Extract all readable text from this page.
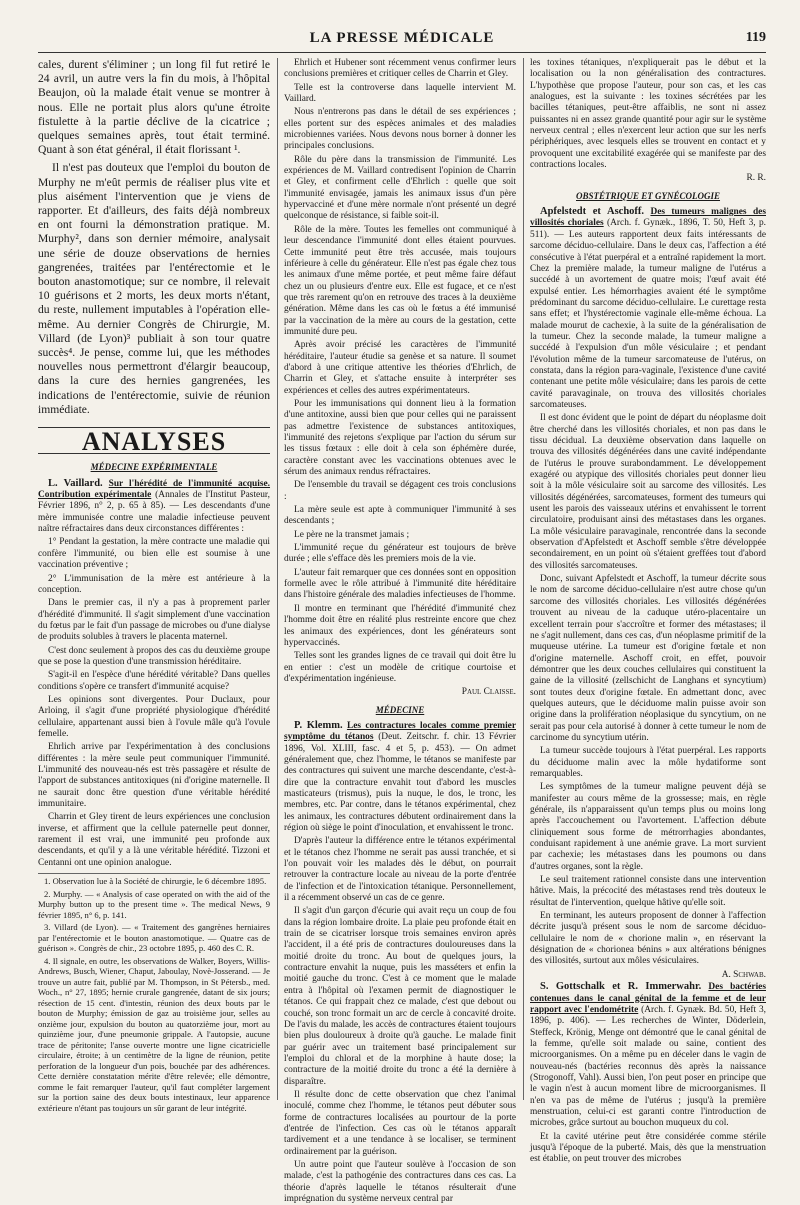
LA PRESSE MÉDICALE	119

cales, durent s'éliminer ; un long fil fut retiré le 24 avril, un autre vers la fin du mois, à l'hôpital Beaujon, où la malade était venue se montrer à nous. Elle ne portait plus alors qu'une étroite fistulette à la partie déclive de la cicatrice ; quelques semaines après, tout était terminé. Quant à son état général, il était florissant ¹.

Il n'est pas douteux que l'emploi du bouton de Murphy ne m'eût permis de réaliser plus vite et plus aisément l'intervention que je viens de rapporter. Et d'ailleurs, des faits déjà nombreux en ont fourni la démonstration pratique. M. Murphy², dans son dernier mémoire, analysait une série de douze observations de hernies gangrenées, traitées par l'entérectomie et le bouton anastomotique; sur ce nombre, il relevait 10 guérisons et 2 morts, les deux morts n'étant, du reste, nullement imputables à l'opération elle-même. Au dernier Congrès de Chirurgie, M. Villard (de Lyon)³ publiait à son tour quatre succès⁴. Je pense, comme lui, que les méthodes nouvelles nous permettront d'élargir beaucoup, dans la cure des hernies gangrenées, les indications de l'entérectomie, suivie de réunion immédiate.

ANALYSES
MÉDECINE EXPÉRIMENTALE

L. Vaillard. Sur l'hérédité de l'immunité acquise. Contribution expérimentale (Annales de l'Institut Pasteur, Février 1896, n° 2, p. 65 à 85). — Les descendants d'une mère immunisée contre une maladie infectieuse peuvent naître réfractaires dans deux circonstances différentes :

1° Pendant la gestation, la mère contracte une maladie qui confère l'immunité, ou bien elle est soumise à une vaccination préventive ;

2° L'immunisation de la mère est antérieure à la conception.

Dans le premier cas, il n'y a pas à proprement parler d'hérédité d'immunité. Il s'agit simplement d'une vaccination du fœtus par le fait d'un passage de microbes ou d'une dialyse de produits solubles à travers le placenta maternel.

C'est donc seulement à propos des cas du deuxième groupe que se pose la question d'une transmission héréditaire.

S'agit-il en l'espèce d'une hérédité véritable? Dans quelles conditions s'opère ce transfert d'immunité acquise?

Les opinions sont divergentes. Pour Duclaux, pour Arloing, il s'agit d'une propriété physiologique d'hérédité cellulaire, appartenant aussi bien à l'ovule mâle qu'à l'ovule femelle.

Ehrlich arrive par l'expérimentation à des conclusions différentes : la mère seule peut communiquer l'immunité. L'immunité des nouveau-nés est très passagère et résulte de l'apport de substances antitoxiques (ni d'origine maternelle. Il ne saurait donc être question d'une véritable hérédité immunitaire.

Charrin et Gley tirent de leurs expériences une conclusion inverse, et affirment que la cellule paternelle peut donner, rarement il est vrai, une immunité peu profonde aux descendants, et qu'il y a là une véritable hérédité. Tizzoni et Centanni ont une opinion analogue.

1. Observation lue à la Société de chirurgie, le 6 décembre 1895.

2. Murphy. — « Analysis of case operated on with the aid of the Murphy button up to the present time ». The medical News, 9 février 1895, n° 6, p. 141.

3. Villard (de Lyon). — « Traitement des gangrènes herniaires par l'entérectomie et le bouton anastomotique. — Quatre cas de guérison ». Congrès de chir., 23 octobre 1895, p. 460 des C. R.

4. Il signale, en outre, les observations de Walker, Boyers, Willis-Andrews, Busch, Wiener, Chaput, Jaboulay, Novè-Josserand. — Je trouve un autre fait, publié par M. Thompson, in St Pétersb., med. Woch., n° 27, 1895; hernie crurale gangrenée, datant de six jours; résection de 15 cent. d'intestin, réunion des deux bouts par le bouton de Murphy; émission de gaz au troisième jour, selles au onzième jour, expulsion du bouton au quatorzième jour, mort au quinzième jour, d'une pneumonie grippale. A l'autopsie, aucune trace de péritonite; l'anse ouverte montre une ligne cicatricielle circulaire, étroite; à un centimètre de la ligne de réunion, petite perforation de la longueur d'un pois, bouchée par des adhérences. Cette dernière constatation mérite d'être relevée; elle démontre, comme le fait remarquer l'auteur, qu'il faut compléter largement sur la portion saine des deux bouts intestinaux, leur apparence extérieure n'étant pas toujours un sûr garant de leur intégrité.

Ehrlich et Hubener sont récemment venus confirmer leurs conclusions premières et critiquer celles de Charrin et Gley.

Telle est la controverse dans laquelle intervient M. Vaillard.

Nous n'entrerons pas dans le détail de ses expériences ; elles portent sur des espèces animales et des maladies microbiennes variées. Nous devons nous borner à donner les principales conclusions.

Rôle du père dans la transmission de l'immunité. Les expériences de M. Vaillard contredisent l'opinion de Charrin et Gley, et confirment celle d'Ehrlich : quelle que soit l'immunité envisagée, jamais les animaux issus d'un père hypervacciné et d'une mère normale n'ont présenté un degré quelconque de résistance, si faible soit-il.

Rôle de la mère. Toutes les femelles ont communiqué à leur descendance l'immunité dont elles étaient pourvues. Cette immunité peut être très accusée, mais toujours inférieure à celle du générateur. Elle n'est pas égale chez tous les animaux d'une même portée, et peut même faire défaut chez un ou plusieurs d'entre eux. Elle est fugace, et ce n'est que très rarement qu'on en retrouve des traces à la deuxième génération. Même dans les cas où le fœtus a été immunisé par la vaccination de la mère au cours de la gestation, cette immunité dure peu.

Après avoir précisé les caractères de l'immunité héréditaire, l'auteur étudie sa genèse et sa nature. Il soumet d'abord à une critique attentive les théories d'Ehrlich, de Charrin et Gley, et s'attache ensuite à interpréter ses expériences et celles des autres expérimentateurs.

Pour les immunisations qui donnent lieu à la formation d'une antitoxine, aussi bien que pour celles qui ne paraissent pas admettre l'existence de substances antitoxiques, l'immunité des rejetons s'explique par l'action du sérum sur les tissus fœtaux : elle doit à cela son éphémère durée, caractère constant avec les vaccinations obtenues avec le sérum des animaux rendus réfractaires.

De l'ensemble du travail se dégagent ces trois conclusions :

La mère seule est apte à communiquer l'immunité à ses descendants ;

Le père ne la transmet jamais ;

L'immunité reçue du générateur est toujours de brève durée ; elle s'efface dès les premiers mois de la vie.

L'auteur fait remarquer que ces données sont en opposition formelle avec le rôle attribué à l'immunité dite héréditaire dans l'histoire générale des maladies infectieuses de l'homme.

Il montre en terminant que l'hérédité d'immunité chez l'homme doit être en réalité plus restreinte encore que chez les animaux des expériences, dont les générateurs sont hypervaccinés.

Telles sont les grandes lignes de ce travail qui doit être lu en entier : c'est un modèle de critique courtoise et d'expérimentation ingénieuse.

Paul Claisse.
MÉDECINE

P. Klemm. Les contractures locales comme premier symptôme du tétanos (Deut. Zeitschr. f. chir. 13 Février 1896, Vol. XLIII, fasc. 4 et 5, p. 453). — On admet généralement que, chez l'homme, le tétanos se manifeste par des contractures qui suivent une marche descendante, c'est-à-dire que la contracture envahit tout d'abord les muscles masticateurs (trismus), puis la nuque, le dos, le tronc, les membres, etc. Par contre, dans le tétanos expérimental, chez les animaux, les contractures débutent ordinairement dans la région où siège le point d'inoculation, et envahissent le tronc.

D'après l'auteur la différence entre le tétanos expérimental et le tétanos chez l'homme ne serait pas aussi tranchée, et si l'on pouvait voir les malades dès le début, on pourrait retrouver la contracture locale au niveau de la porte d'entrée de l'infection et de l'intoxication tétanique. Personnellement, il a récemment observé un cas de ce genre.

Il s'agit d'un garçon d'écurie qui avait reçu un coup de fou dans la région lombaire droite. La plaie peu profonde était en train de se cicatriser lorsque trois semaines environ après l'accident, il a été pris de contractures douloureuses dans la moitié droite du tronc. Au bout de quelques jours, la contracture envahit la nuque, puis les masséters et enfin la moitié gauche du tronc. C'est à ce moment que le malade entra à l'hôpital où l'examen permit de diagnostiquer le tétanos. Ce qui frappait chez ce malade, c'est que debout ou couché, son tronc formait un arc de cercle à concavité droite. De l'avis du malade, les accès de contractures étaient toujours bien plus douloureux à droite qu'à gauche. Le malade finit par guérir avec un traitement basé principalement sur l'emploi du chloral et de la morphine à haute dose; la contracture de la moitié droite du tronc a été la dernière à disparaître.

Il résulte donc de cette observation que chez l'animal inoculé, comme chez l'homme, le tétanos peut débuter sous forme de contractures localisées au pourtour de la porte d'entrée de l'infection. Ces cas où le tétanos apparaît tardivement et a une tendance à se localiser, se terminent ordinairement par la guérison.

Un autre point que l'auteur soulève à l'occasion de son malade, c'est la pathogénie des contractures dans ces cas. La théorie d'après laquelle le tétanos résulterait d'une imprégnation du système nerveux central par

les toxines tétaniques, n'expliquerait pas le début et la localisation ou la non généralisation des contractures. L'hypothèse que propose l'auteur, pour son cas, et les cas analogues, est la suivante : les toxines sécrétées par les bacilles tétaniques, peut-être affaiblis, ne sont ni assez puissantes ni en assez grande quantité pour agir sur le système nerveux central ; elles n'exercent leur action que sur les nerfs périphériques, avec lesquels elles se trouvent en contact et y provoquent une excitabilité exagérée qui se manifeste par des contractions locales.

R. R.
OBSTÉTRIQUE ET GYNÉCOLOGIE

Apfelstedt et Aschoff. Des tumeurs malignes des villosités choriales (Arch. f. Gynæk., 1896, T. 50, Heft 3, p. 511). — Les auteurs rapportent deux faits intéressants de sarcome déciduo-cellulaire. Dans le deux cas, l'affection a été consécutive à l'état puerpéral et a entraîné rapidement la mort. Chez la première malade, la tumeur maligne de l'utérus a succédé à un avortement de quatre mois; l'œuf avait été expulsé entier. Les hémorrhagies avaient été le symptôme prédominant du sarcome déciduo-cellulaire. Le curettage resta sans effet; et l'hystérectomie vaginale elle-même échoua. La malade mourut de cachexie, à la suite de la généralisation de la tumeur. Chez la seconde malade, la tumeur maligne a succédé à l'expulsion d'un môle vésiculaire ; et pendant l'évolution même de la tumeur sarcomateuse de l'utérus, on constata, dans la région para-vaginale, l'existence d'une cavité contenant une petite môle vésiculaire; dans les parois de cette cavité paravaginale, on trouva des villosités choriales sarcomateuses.

Il est donc évident que le point de départ du néoplasme doit être cherché dans les villosités choriales, et non pas dans le tissu décidual. La deuxième observation dans laquelle on trouva des villosités dégénérées dans une cavité indépendante de l'utérus le prouve surabondamment. Le développement exagéré ou atypique des villosités choriales peut donner lieu soit à la môle vésiculaire soit au sarcome des villosités. Les villosités dégénérées, sarcomateuses, forment des tumeurs qui usent les parois des vaisseaux utérins et envahissent le torrent circulatoire, produisant ainsi des métastases dans les organes. La môle vésiculaire paravaginale, rencontrée dans la seconde observation d'Apfelstedt et Aschoff semble s'être développée secondairement, en un point où s'étaient greffées tout d'abord des villosités sarcomateuses.

Donc, suivant Apfelstedt et Aschoff, la tumeur décrite sous le nom de sarcome déciduo-cellulaire n'est autre chose qu'un sarcome des villosités choriales. Les villosités dégénérées trouvent au niveau de la caduque utéro-placentaire un excellent terrain pour s'accroître et former des métastases; il ne s'agit nullement, dans ces cas, d'un néoplasme primitif de la muqueuse utérine. La tumeur est d'origine fœtale et non d'origine maternelle. Aschoff croit, en effet, pouvoir démontrer que les deux couches cellulaires qui constituent la gaine de la villosité (zellschicht de Langhans et syncytium) sont toutes deux d'origine fœtale. En admettant donc, avec quelques auteurs, que le déciduome malin puisse avoir son origine dans la prolifération néoplasique du syncytium, on ne serait pas pour cela autorisé à donner à cette tumeur le nom de carcinome du syncytium utérin.

La tumeur succède toujours à l'état puerpéral. Les rapports du déciduome malin avec la môle hydatiforme sont remarquables.

Les symptômes de la tumeur maligne peuvent déjà se manifester au cours même de la grossesse; mais, en règle générale, ils n'apparaissent qu'un temps plus ou moins long après l'accouchement ou l'avortement. L'affection débute cliniquement sous forme de métrorrhagies abondantes, conduisant rapidement à une anémie grave. La mort survient par cachexie; les métastases dans les poumons ou dans d'autres organes, sont la règle.

Le seul traitement rationnel consiste dans une intervention hâtive. Mais, la précocité des métastases rend très douteux le résultat de l'intervention, quelque hâtive qu'elle soit.

En terminant, les auteurs proposent de donner à l'affection décrite jusqu'à présent sous le nom de sarcome déciduo-cellulaire le nom de « chorione malin », en réservant la désignation de « chorionea bénins » aux altérations bénignes des villosités, surtout aux môles vésiculaires.

A. Schwab.

S. Gottschalk et R. Immerwahr. Des bactéries contenues dans le canal génital de la femme et de leur rapport avec l'endométrite (Arch. f. Gynæk. Bd. 50, Heft 3, 1896, p. 406). — Les recherches de Winter, Döderlein, Steffeck, Krönig, Menge ont démontré que le canal génital de la femme, qu'elle soit malade ou saine, contient des microorganismes. On a même pu en déceler dans le vagin de nouveau-nés (bactéries reconnus dès après la naissance (Strogonoff, Vahl). Aussi bien, l'on peut poser en principe que le vagin n'est à aucun moment libre de microorganismes. Il n'en va pas de même de l'utérus ; jusqu'à la première menstruation, celui-ci est garanti contre l'introduction de microbes, grâce surtout au bouchon muqueux du col.

Et la cavité utérine peut être considérée comme stérile jusqu'à l'époque de la puberté. Mais, dès que la menstruation est établie, on peut trouver des microbes
